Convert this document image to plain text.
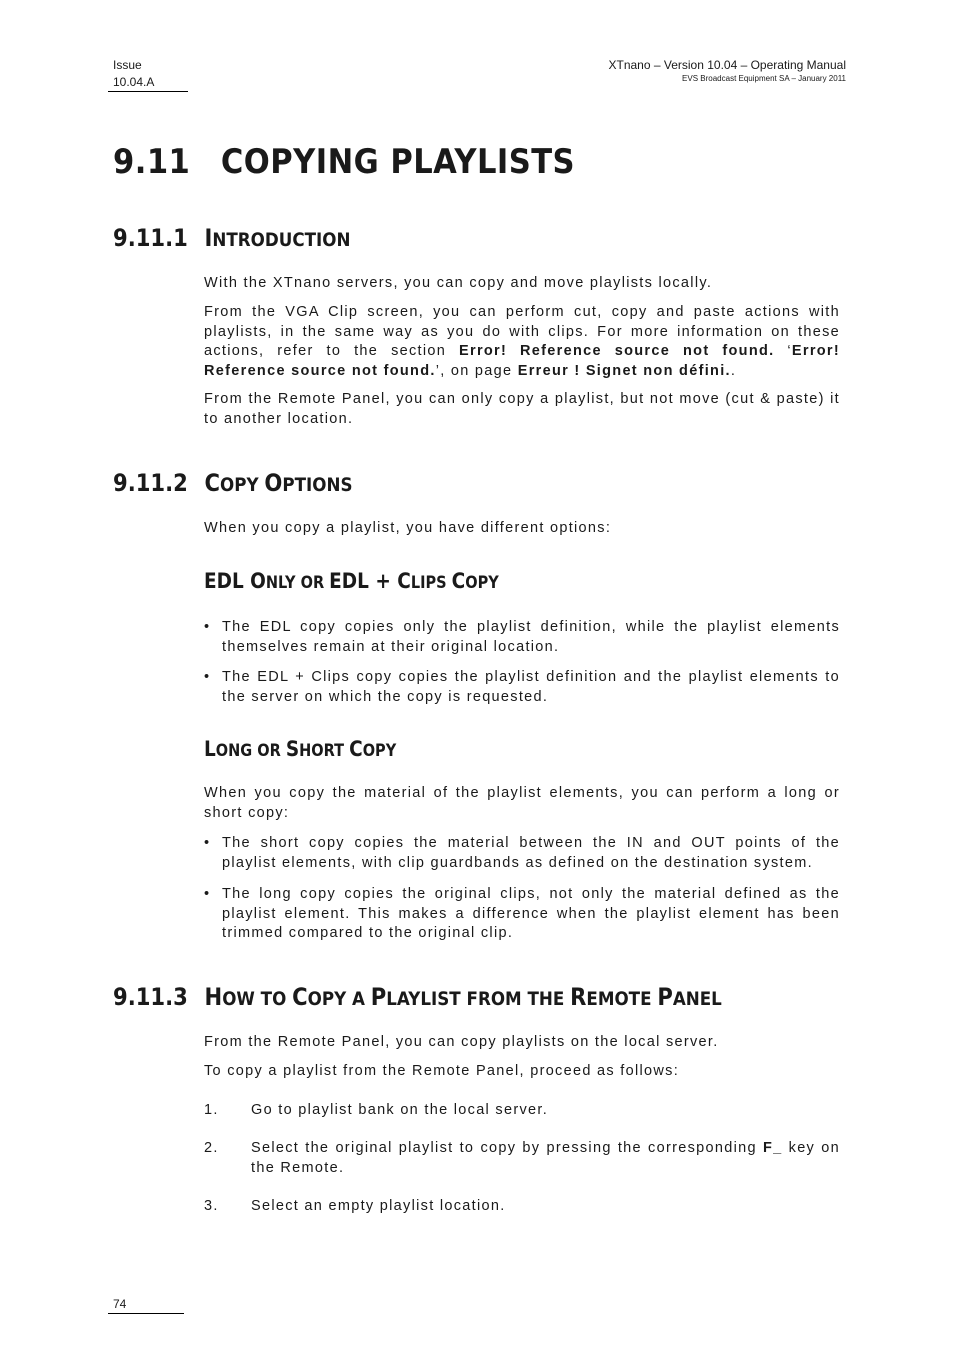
Issue
10.04.A
XTnano – Version 10.04 – Operating Manual
EVS Broadcast Equipment SA – January 2011
9.11 COPYING PLAYLISTS
9.11.1 INTRODUCTION

With the XTnano servers, you can copy and move playlists locally.

From the VGA Clip screen, you can perform cut, copy and paste actions with playlists, in the same way as you do with clips. For more information on these actions, refer to the section Error! Reference source not found. ‘Error! Reference source not found.’, on page Erreur ! Signet non défini..

From the Remote Panel, you can only copy a playlist, but not move (cut & paste) it to another location.

9.11.2 COPY OPTIONS

When you copy a playlist, you have different options:

EDL ONLY OR EDL + CLIPS COPY
• The EDL copy copies only the playlist definition, while the playlist elements themselves remain at their original location.
• The EDL + Clips copy copies the playlist definition and the playlist elements to the server on which the copy is requested.
LONG OR SHORT COPY

When you copy the material of the playlist elements, you can perform a long or short copy:

• The short copy copies the material between the IN and OUT points of the playlist elements, with clip guardbands as defined on the destination system.
• The long copy copies the original clips, not only the material defined as the playlist element. This makes a difference when the playlist element has been trimmed compared to the original clip.
9.11.3 HOW TO COPY A PLAYLIST FROM THE REMOTE PANEL

From the Remote Panel, you can copy playlists on the local server.

To copy a playlist from the Remote Panel, proceed as follows:

1. Go to playlist bank on the local server.
2. Select the original playlist to copy by pressing the corresponding F_ key on the Remote.
3. Select an empty playlist location.
74
